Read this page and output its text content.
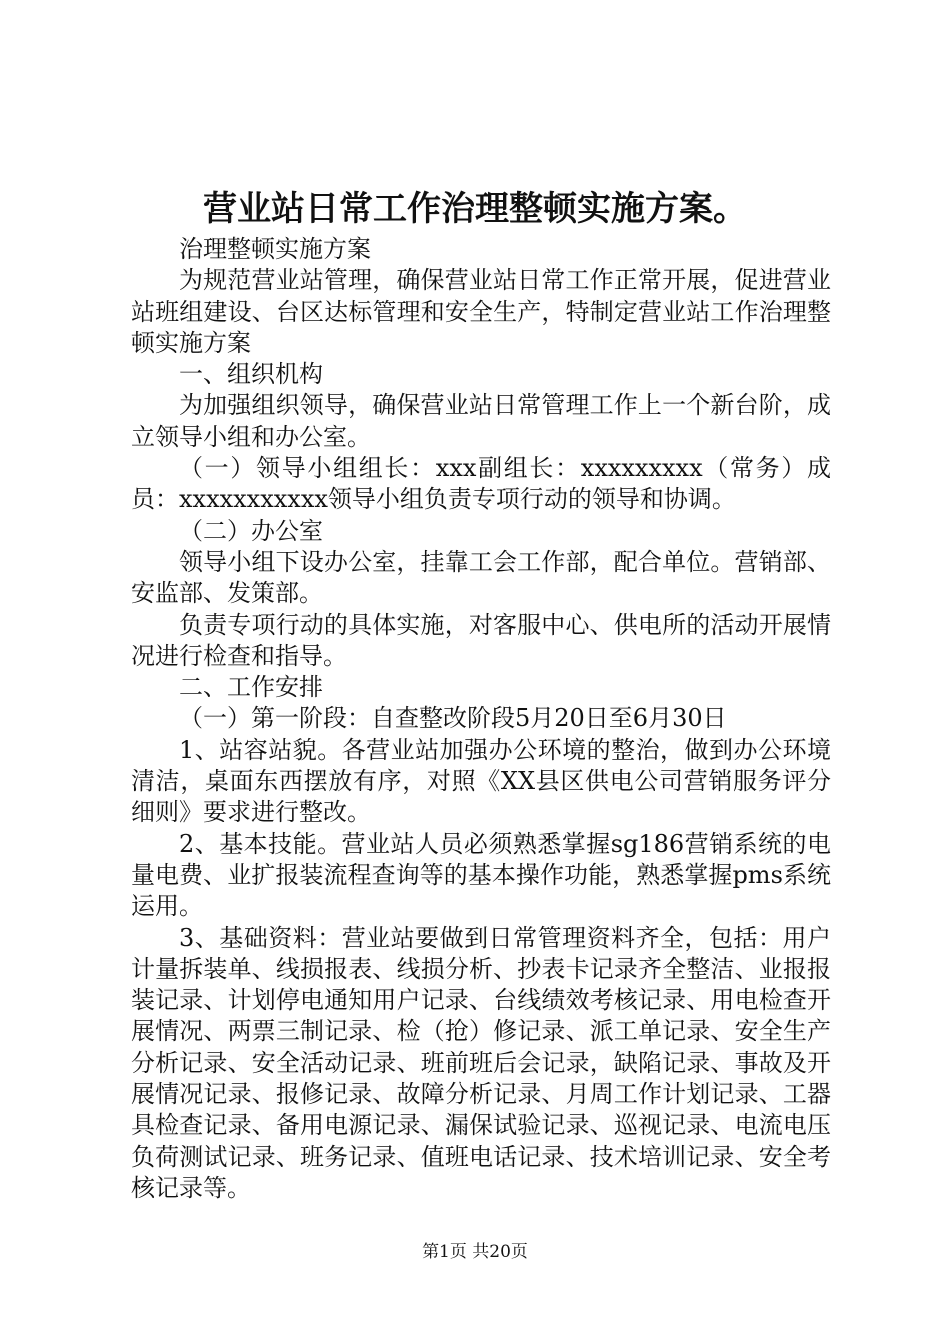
营业站日常工作治理整顿实施方案。

治理整顿实施方案

为规范营业站管理，确保营业站日常工作正常开展，促进营业站班组建设、台区达标管理和安全生产，特制定营业站工作治理整顿实施方案

一、组织机构

为加强组织领导，确保营业站日常管理工作上一个新台阶，成立领导小组和办公室。

（一）领导小组组长：xxx副组长：xxxxxxxxx（常务）成员：xxxxxxxxxxx领导小组负责专项行动的领导和协调。

（二）办公室

领导小组下设办公室，挂靠工会工作部，配合单位。营销部、安监部、发策部。

负责专项行动的具体实施，对客服中心、供电所的活动开展情况进行检查和指导。

二、工作安排

（一）第一阶段：自查整改阶段5月20日至6月30日

1、站容站貌。各营业站加强办公环境的整治，做到办公环境清洁，桌面东西摆放有序，对照《XX县区供电公司营销服务评分细则》要求进行整改。

2、基本技能。营业站人员必须熟悉掌握sg186营销系统的电量电费、业扩报装流程查询等的基本操作功能，熟悉掌握pms系统运用。

3、基础资料：营业站要做到日常管理资料齐全，包括：用户计量拆装单、线损报表、线损分析、抄表卡记录齐全整洁、业报报装记录、计划停电通知用户记录、台线绩效考核记录、用电检查开展情况、两票三制记录、检（抢）修记录、派工单记录、安全生产分析记录、安全活动记录、班前班后会记录，缺陷记录、事故及开展情况记录、报修记录、故障分析记录、月周工作计划记录、工器具检查记录、备用电源记录、漏保试验记录、巡视记录、电流电压负荷测试记录、班务记录、值班电话记录、技术培训记录、安全考核记录等。

第1页 共20页
